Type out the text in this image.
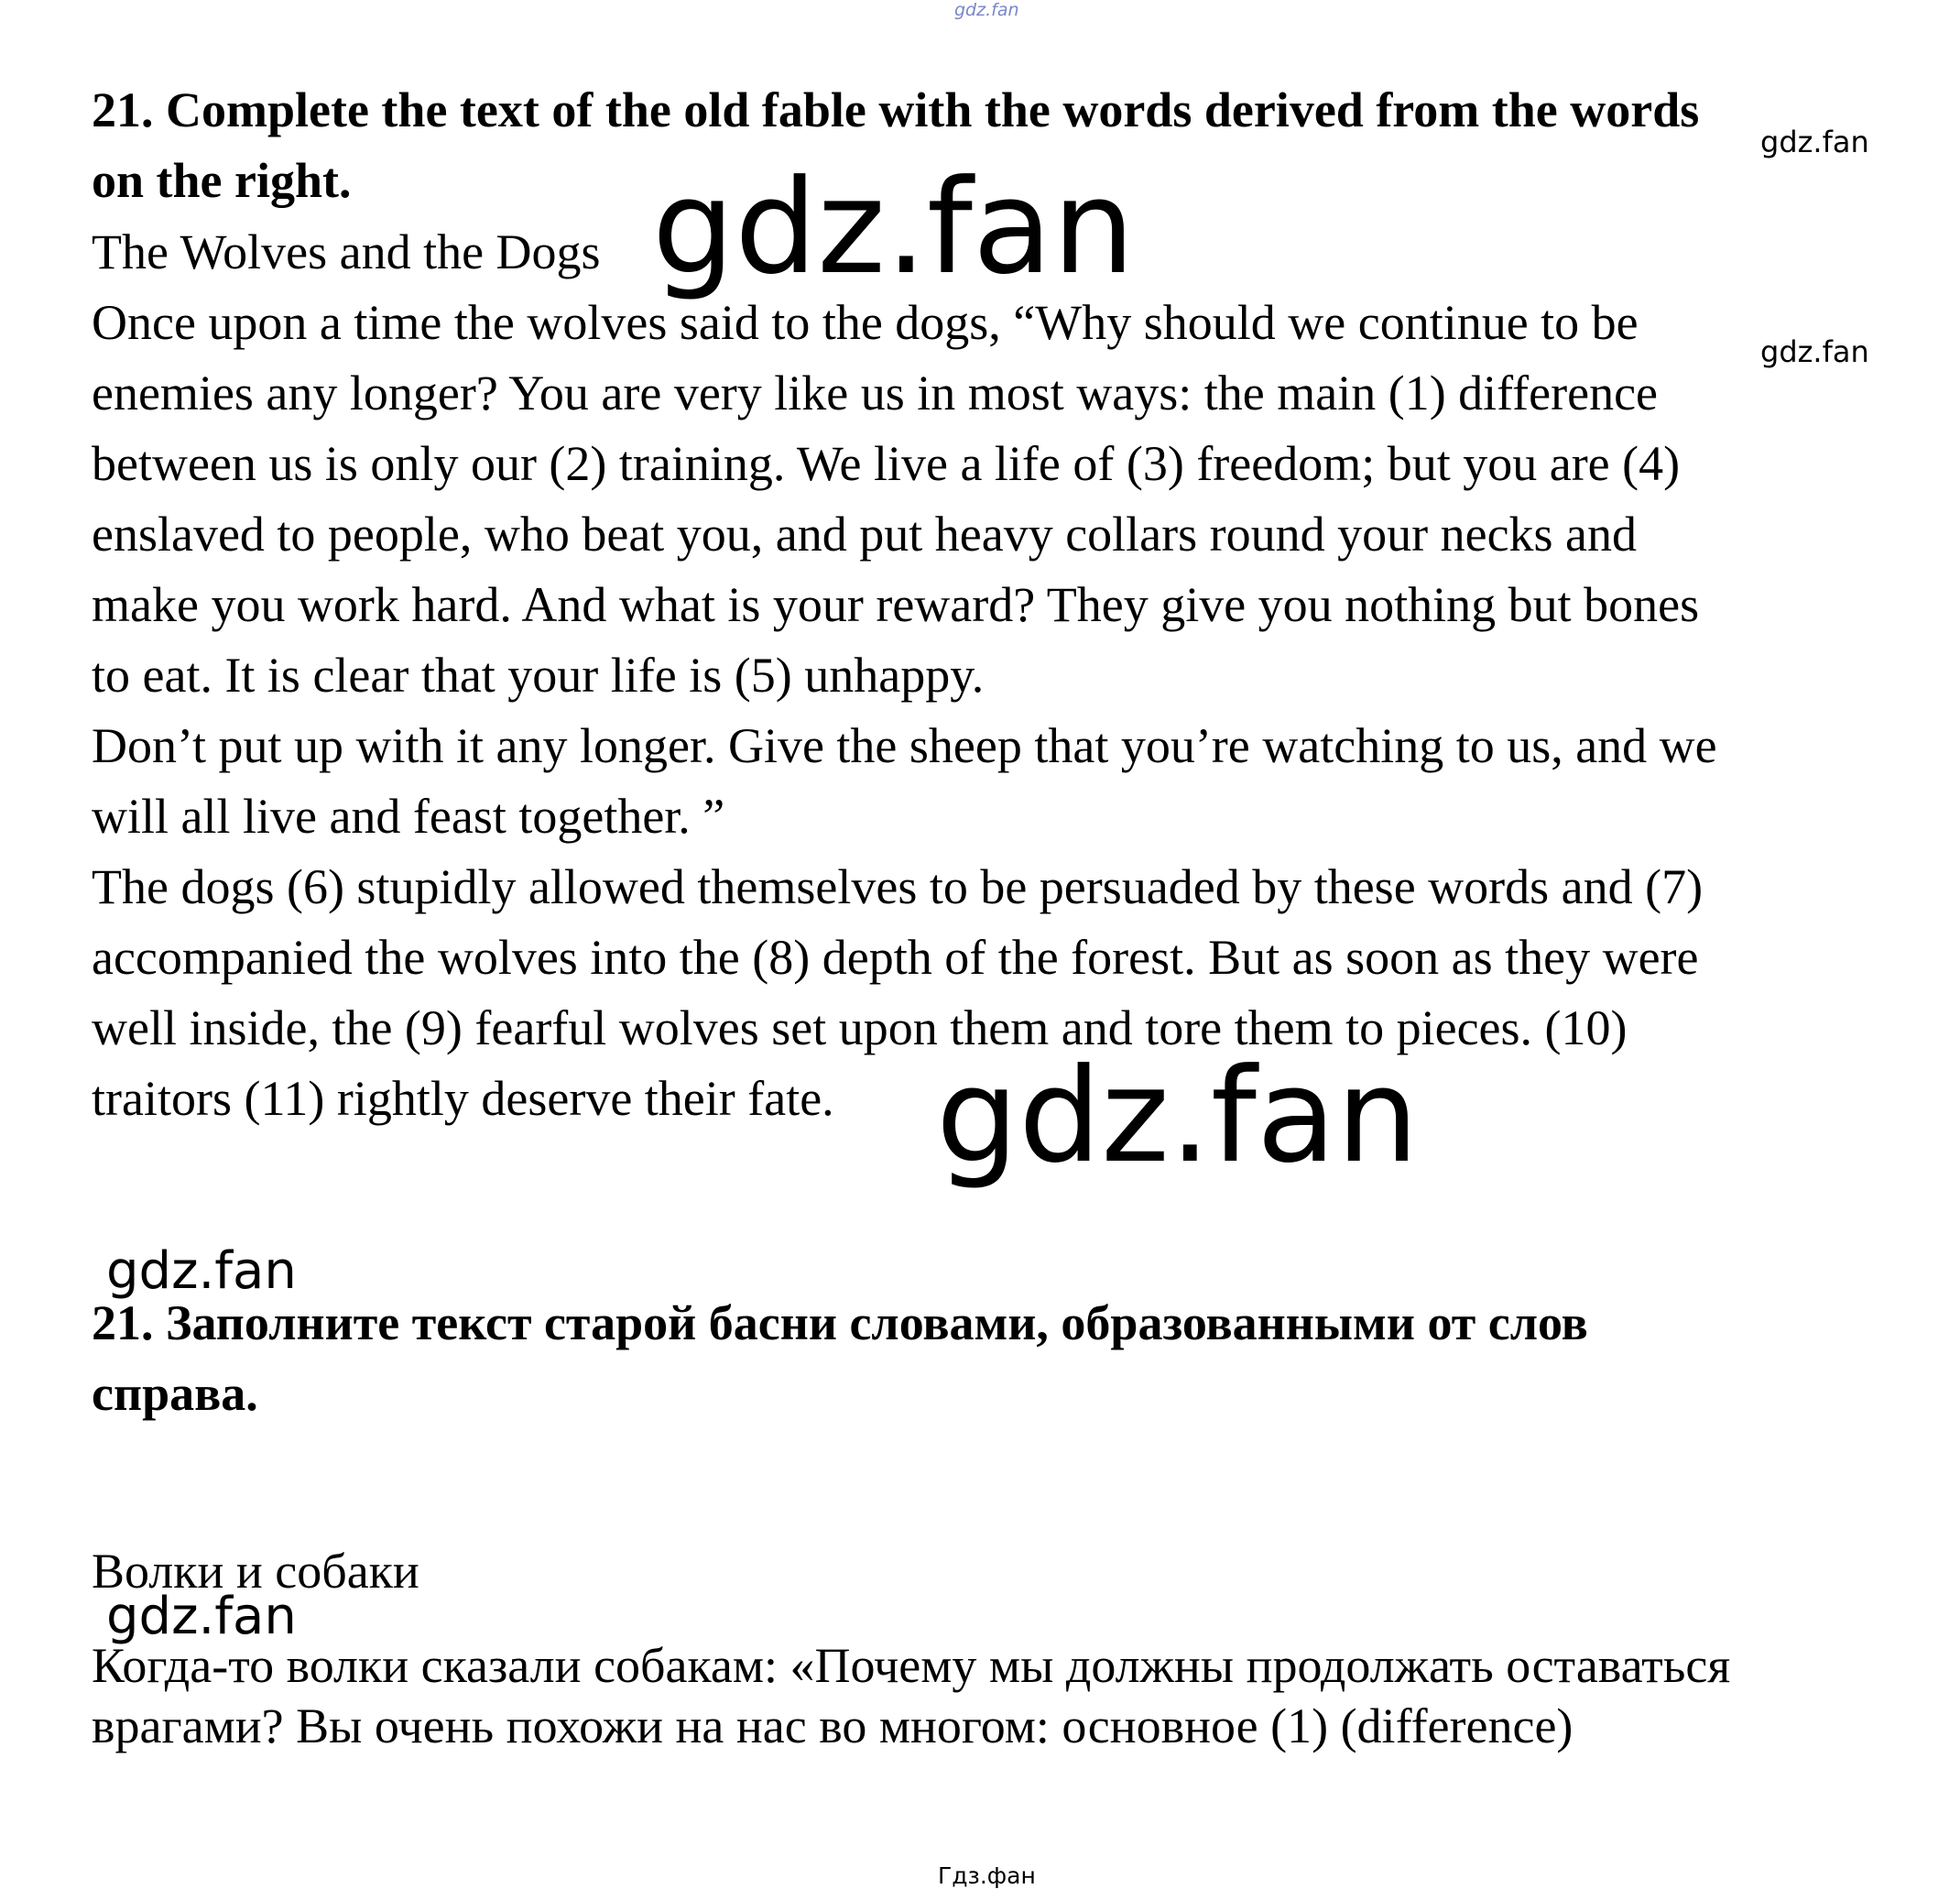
gdz.fan
gdz.fan
gdz.fan
gdz.fan
gdz.fan
gdz.fan
gdz.fan
Гдз.фан
21. Complete the text of the old fable with the words derived from the words
on the right.
The Wolves and the Dogs
Once upon a time the wolves said to the dogs, “Why should we continue to be
enemies any longer? You are very like us in most ways: the main (1) difference
between us is only our (2) training. We live a life of (3) freedom; but you are (4)
enslaved to people, who beat you, and put heavy collars round your necks and
make you work hard. And what is your reward? They give you nothing but bones
to eat. It is clear that your life is (5) unhappy.
Don’t put up with it any longer. Give the sheep that you’re watching to us, and we
will all live and feast together. ”
The dogs (6) stupidly allowed themselves to be persuaded by these words and (7)
accompanied the wolves into the (8) depth of the forest. But as soon as they were
well inside, the (9) fearful wolves set upon them and tore them to pieces. (10)
traitors (11) rightly deserve their fate.
21. Заполните текст старой басни словами, образованными от слов
справа.
Волки и собаки
Когда-то волки сказали собакам: «Почему мы должны продолжать оставаться
врагами? Вы очень похожи на нас во многом: основное (1) (difference)
